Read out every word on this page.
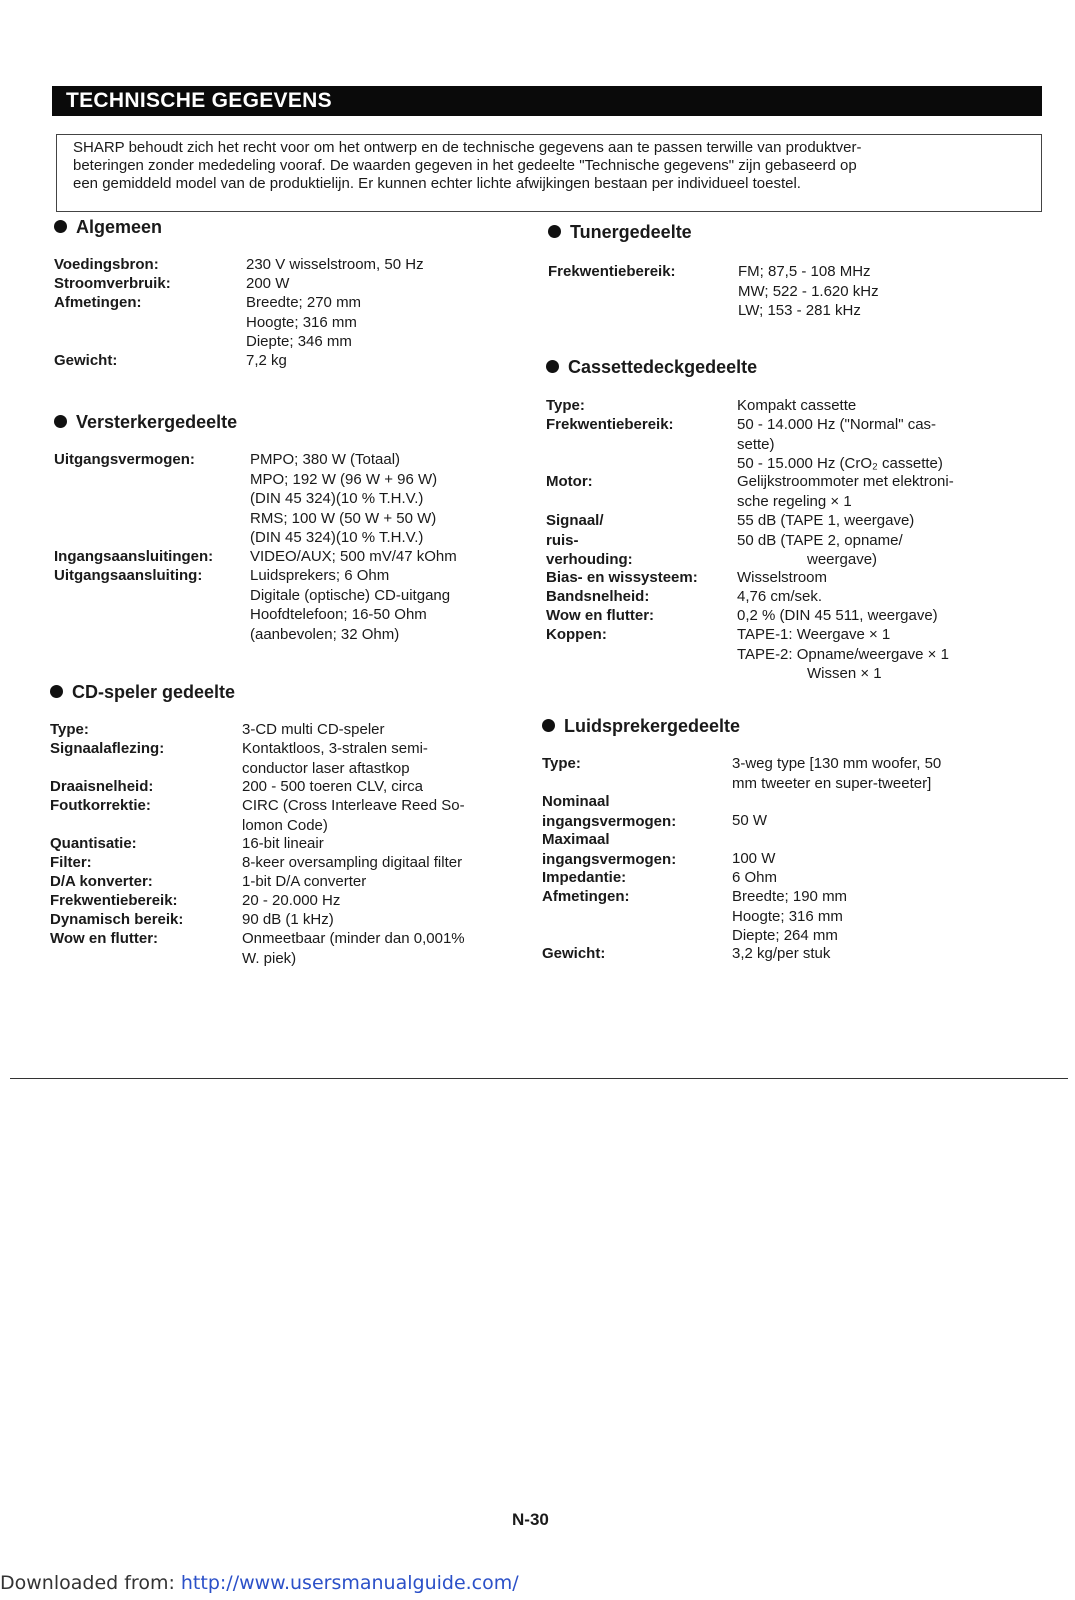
TECHNISCHE GEGEVENS
SHARP behoudt zich het recht voor om het ontwerp en de technische gegevens aan te passen terwille van produktver-
beteringen zonder mededeling vooraf. De waarden gegeven in het gedeelte "Technische gegevens" zijn gebaseerd op
een gemiddeld model van de produktielijn. Er kunnen echter lichte afwijkingen bestaan per individueel toestel.
Algemeen
Voedingsbron:	230 V wisselstroom, 50 Hz
Stroomverbruik:	200 W
Afmetingen:	Breedte; 270 mm
Hoogte; 316 mm
Diepte; 346 mm
Gewicht:	7,2 kg
Versterkergedeelte
Uitgangsvermogen:	PMPO; 380 W (Totaal)
MPO; 192 W (96 W + 96 W)
(DIN 45 324)(10 % T.H.V.)
RMS; 100 W (50 W + 50 W)
(DIN 45 324)(10 % T.H.V.)
Ingangsaansluitingen: VIDEO/AUX; 500 mV/47 kOhm
Uitgangsaansluiting:	Luidsprekers; 6 Ohm
Digitale (optische) CD-uitgang
Hoofdtelefoon; 16-50 Ohm
(aanbevolen; 32 Ohm)
CD-speler gedeelte
Type:	3-CD multi CD-speler
Signaalaflezing:	Kontaktloos, 3-stralen semi-
conductor laser aftastkop
Draaisnelheid:	200 - 500 toeren CLV, circa
Foutkorrektie:	CIRC (Cross Interleave Reed So-
lomon Code)
Quantisatie:	16-bit lineair
Filter:	8-keer oversampling digitaal filter
D/A konverter:	1-bit D/A converter
Frekwentiebereik:	20 - 20.000 Hz
Dynamisch bereik:	90 dB (1 kHz)
Wow en flutter:	Onmeetbaar (minder dan 0,001%
W. piek)
Tunergedeelte
Frekwentiebereik:	FM; 87,5 - 108 MHz
MW; 522 - 1.620 kHz
LW; 153 - 281 kHz
Cassettedeckgedeelte
Type:	Kompakt cassette
Frekwentiebereik:	50 - 14.000 Hz ("Normal" cas-
sette)
50 - 15.000 Hz (CrO₂ cassette)
Motor:	Gelijkstroommoter met elektroni-
sche regeling × 1
Signaal/
ruis-verhouding:
55 dB (TAPE 1, weergave)
50 dB (TAPE 2, opname/
weergave)
Bias- en wissysteem:	Wisselstroom
Bandsnelheid:	4,76 cm/sek.
Wow en flutter:	0,2 % (DIN 45 511, weergave)
Koppen:	TAPE-1: Weergave × 1
TAPE-2: Opname/weergave × 1
Wissen × 1
Luidsprekergedeelte
Type:	3-weg type [130 mm woofer, 50
mm tweeter en super-tweeter]
Nominaal
ingangsvermogen:	50 W
Maximaal
ingangsvermogen:	100 W
Impedantie:	6 Ohm
Afmetingen:	Breedte; 190 mm
Hoogte; 316 mm
Diepte; 264 mm
Gewicht:	3,2 kg/per stuk
N-30
Downloaded from: http://www.usersmanualguide.com/
